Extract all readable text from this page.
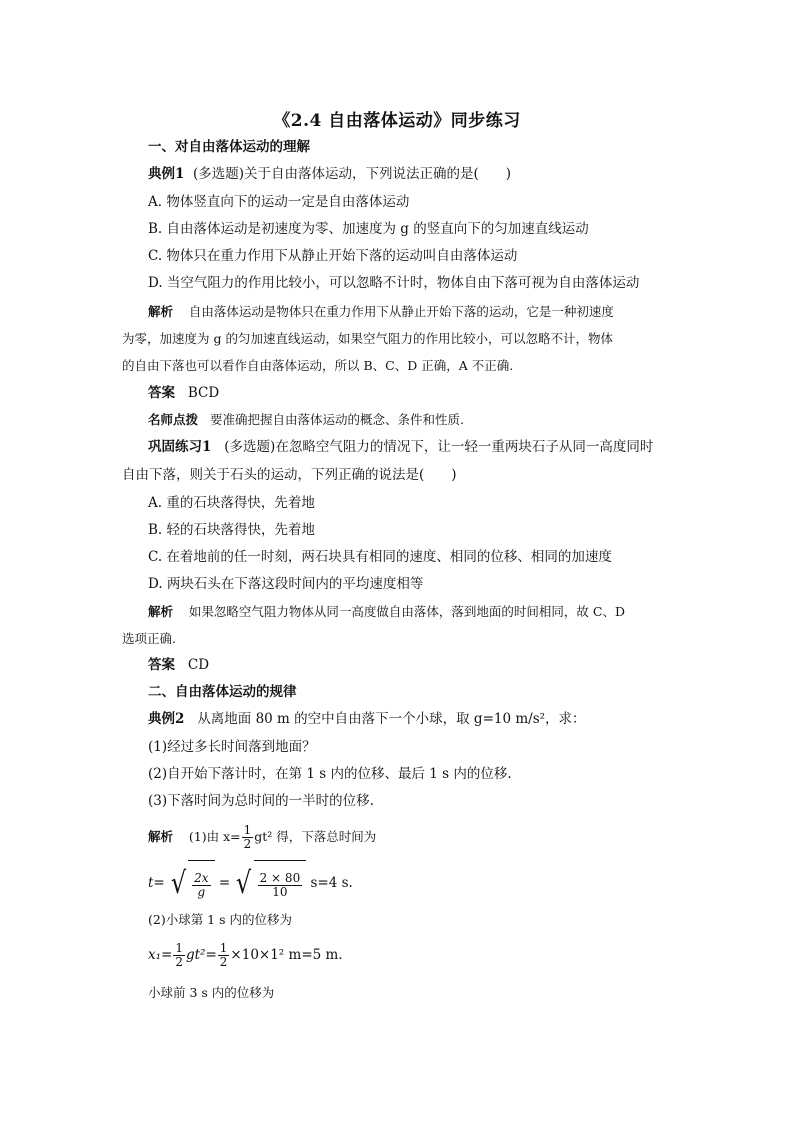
《2.4 自由落体运动》同步练习
一、对自由落体运动的理解
典例1 (多选题)关于自由落体运动，下列说法正确的是(　　)
A. 物体竖直向下的运动一定是自由落体运动
B. 自由落体运动是初速度为零、加速度为 g 的竖直向下的匀加速直线运动
C. 物体只在重力作用下从静止开始下落的运动叫自由落体运动
D. 当空气阻力的作用比较小，可以忽略不计时，物体自由下落可视为自由落体运动
解析 自由落体运动是物体只在重力作用下从静止开始下落的运动，它是一种初速度
为零，加速度为 g 的匀加速直线运动，如果空气阻力的作用比较小，可以忽略不计，物体
的自由下落也可以看作自由落体运动，所以 B、C、D 正确，A 不正确.
答案 BCD
名师点拨 要准确把握自由落体运动的概念、条件和性质.
巩固练习1 (多选题)在忽略空气阻力的情况下，让一轻一重两块石子从同一高度同时
自由下落，则关于石头的运动，下列正确的说法是(　　)
A. 重的石块落得快，先着地
B. 轻的石块落得快，先着地
C. 在着地前的任一时刻，两石块具有相同的速度、相同的位移、相同的加速度
D. 两块石头在下落这段时间内的平均速度相等
解析 如果忽略空气阻力物体从同一高度做自由落体，落到地面的时间相同，故 C、D
选项正确.
答案 CD
二、自由落体运动的规律
典例2 从离地面 80 m 的空中自由落下一个小球，取 g=10 m/s²，求：
(1)经过多长时间落到地面？
(2)自开始下落计时，在第 1 s 内的位移、最后 1 s 内的位移.
(3)下落时间为总时间的一半时的位移.
解析 (1)由 $x= \frac{1}{2} gt^2$ 得，下落总时间为
t= √ $\frac{2x}{g}$ = √ $\frac{2 \times 80}{10} s=4$ s.
(2)小球第 1 s 内的位移为
$x_1= \frac{1}{2} gt^2= \frac{1}{2} \times 10\times 1^2$ m=5 m.
小球前 3 s 内的位移为
